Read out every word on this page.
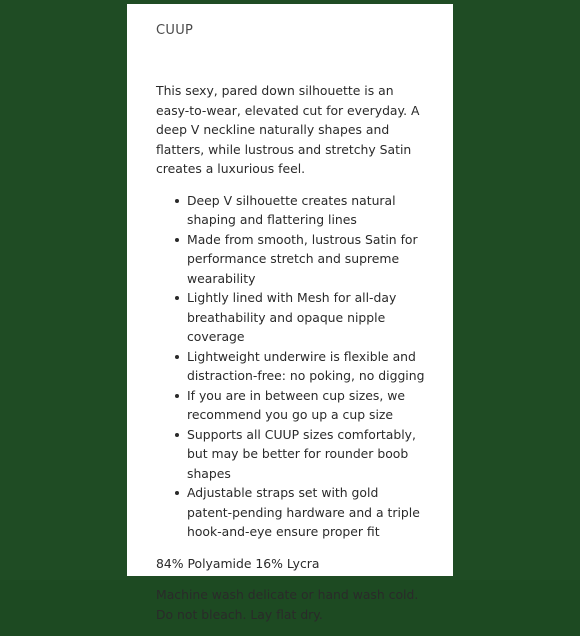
CUUP

This sexy, pared down silhouette is an easy-to-wear, elevated cut for everyday. A deep V neckline naturally shapes and flatters, while lustrous and stretchy Satin creates a luxurious feel.

Deep V silhouette creates natural shaping and flattering lines
Made from smooth, lustrous Satin for performance stretch and supreme wearability
Lightly lined with Mesh for all-day breathability and opaque nipple coverage
Lightweight underwire is flexible and distraction-free: no poking, no digging
If you are in between cup sizes, we recommend you go up a cup size
Supports all CUUP sizes comfortably, but may be better for rounder boob shapes
Adjustable straps set with gold patent-pending hardware and a triple hook-and-eye ensure proper fit

84% Polyamide 16% Lycra

Machine wash delicate or hand wash cold. Do not bleach. Lay flat dry.
